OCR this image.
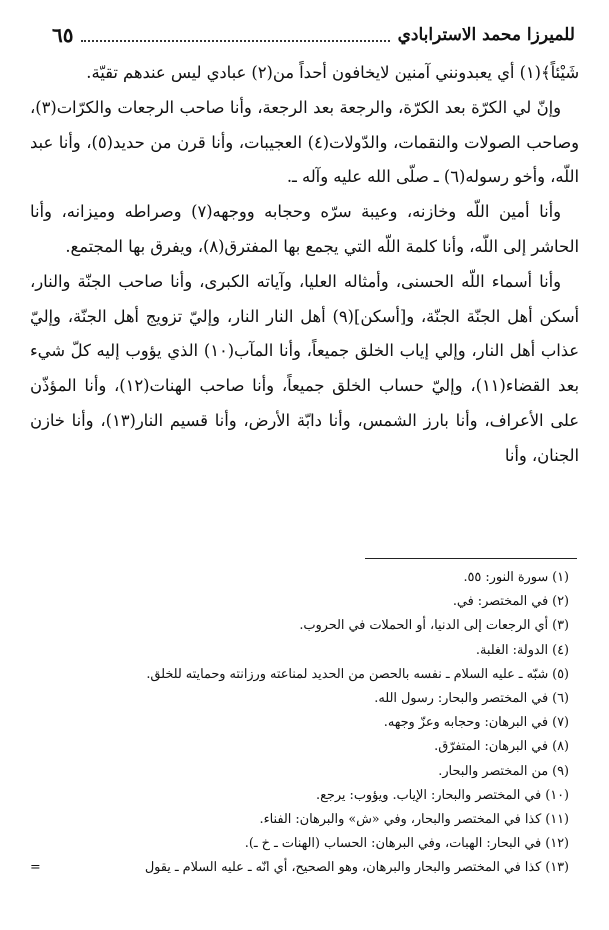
للميرزا محمد الاسترابادي
٦٥

شَيْئاً﴾(١) أي يعبدونني آمنين لايخافون أحداً من(٢) عبادي ليس عندهم تقيّة.

وإنّ لي الكرّة بعد الكرّة، والرجعة بعد الرجعة، وأنا صاحب الرجعات والكرّات(٣)، وصاحب الصولات والنقمات، والدّولات(٤) العجيبات، وأنا قرن من حديد(٥)، وأنا عبد اللّه، وأخو رسوله(٦) ـ صلّى الله عليه وآله ـ.

وأنا أمين اللّه وخازنه، وعيبة سرّه وحجابه ووجهه(٧) وصراطه وميزانه، وأنا الحاشر إلى اللّه، وأنا كلمة اللّه التي يجمع بها المفترق(٨)، ويفرق بها المجتمع.

وأنا أسماء اللّه الحسنى، وأمثاله العليا، وآياته الكبرى، وأنا صاحب الجنّة والنار، أسكن أهل الجنّة الجنّة، و[أسكن](٩) أهل النار النار، وإليّ تزويج أهل الجنّة، وإليّ عذاب أهل النار، وإلي إياب الخلق جميعاً، وأنا المآب(١٠) الذي يؤوب إليه كلّ شيء بعد القضاء(١١)، وإليّ حساب الخلق جميعاً، وأنا صاحب الهنات(١٢)، وأنا المؤذّن على الأعراف، وأنا بارز الشمس، وأنا دابّة الأرض، وأنا قسيم النار(١٣)، وأنا خازن الجنان، وأنا

(١) سورة النور: ٥٥.
(٢) في المختصر: في.
(٣) أي الرجعات إلى الدنيا، أو الحملات في الحروب.
(٤) الدولة: الغلبة.
(٥) شبّه ـ عليه السلام ـ نفسه بالحصن من الحديد لمناعته ورزانته وحمايته للخلق.
(٦) في المختصر والبحار: رسول الله.
(٧) في البرهان: وحجابه وعزّ وجهه.
(٨) في البرهان: المتفرّق.
(٩) من المختصر والبحار.
(١٠) في المختصر والبحار: الإياب. ويؤوب: يرجع.
(١١) كذا في المختصر والبحار، وفي «ش» والبرهان: الفناء.
(١٢) في البحار: الهبات، وفي البرهان: الحساب (الهنات ـ خ ـ).
(١٣) كذا في المختصر والبحار والبرهان، وهو الصحيح، أي انّه ـ عليه السلام ـ يقول
=
